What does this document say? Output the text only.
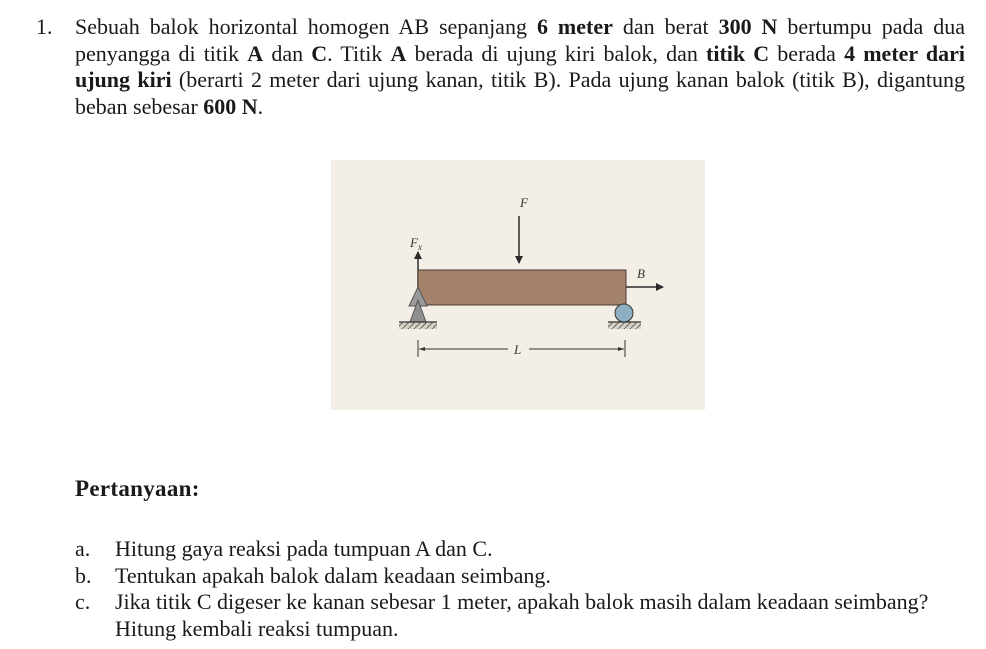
1. Sebuah balok horizontal homogen AB sepanjang 6 meter dan berat 300 N bertumpu pada dua penyangga di titik A dan C. Titik A berada di ujung kiri balok, dan titik C berada 4 meter dari ujung kiri (berarti 2 meter dari ujung kanan, titik B). Pada ujung kanan balok (titik B), digantung beban sebesar 600 N.
F
$F_x$
B
L
Pertanyaan:
a. Hitung gaya reaksi pada tumpuan A dan C.
b. Tentukan apakah balok dalam keadaan seimbang.
c. Jika titik C digeser ke kanan sebesar 1 meter, apakah balok masih dalam keadaan seimbang? Hitung kembali reaksi tumpuan.
